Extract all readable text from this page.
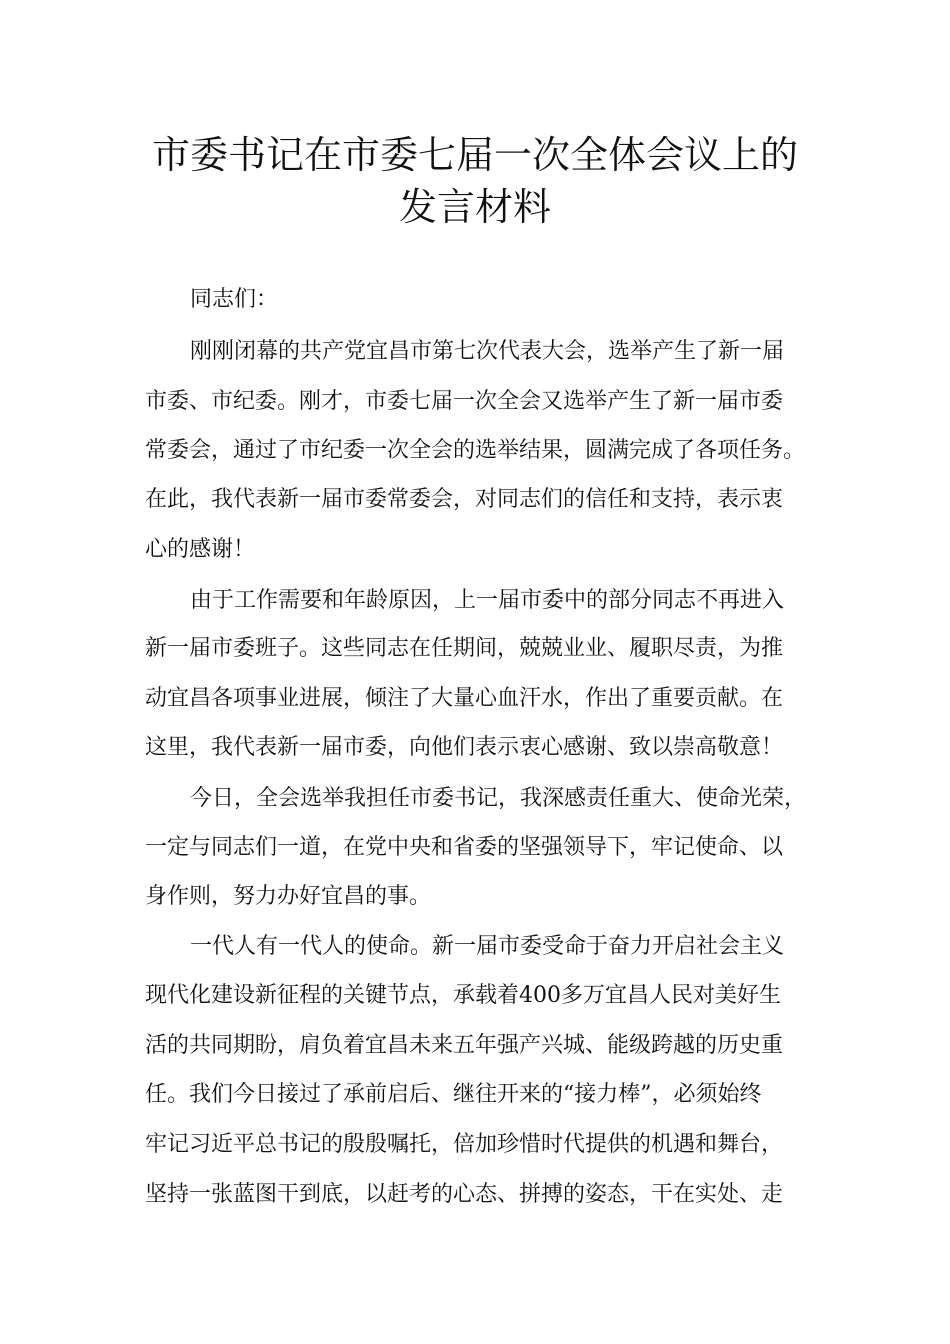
市委书记在市委七届一次全体会议上的
发言材料
同志们：
刚刚闭幕的共产党宜昌市第七次代表大会，选举产生了新一届
市委、市纪委。刚才，市委七届一次全会又选举产生了新一届市委
常委会，通过了市纪委一次全会的选举结果，圆满完成了各项任务。
在此，我代表新一届市委常委会，对同志们的信任和支持，表示衷
心的感谢！
由于工作需要和年龄原因，上一届市委中的部分同志不再进入
新一届市委班子。这些同志在任期间，兢兢业业、履职尽责，为推
动宜昌各项事业进展，倾注了大量心血汗水，作出了重要贡献。在
这里，我代表新一届市委，向他们表示衷心感谢、致以崇高敬意！
今日，全会选举我担任市委书记，我深感责任重大、使命光荣，
一定与同志们一道，在党中央和省委的坚强领导下，牢记使命、以
身作则，努力办好宜昌的事。
一代人有一代人的使命。新一届市委受命于奋力开启社会主义
现代化建设新征程的关键节点，承载着400多万宜昌人民对美好生
活的共同期盼，肩负着宜昌未来五年强产兴城、能级跨越的历史重
任。我们今日接过了承前启后、继往开来的“接力棒”，必须始终
牢记习近平总书记的殷殷嘱托，倍加珍惜时代提供的机遇和舞台，
坚持一张蓝图干到底，以赶考的心态、拼搏的姿态，干在实处、走
